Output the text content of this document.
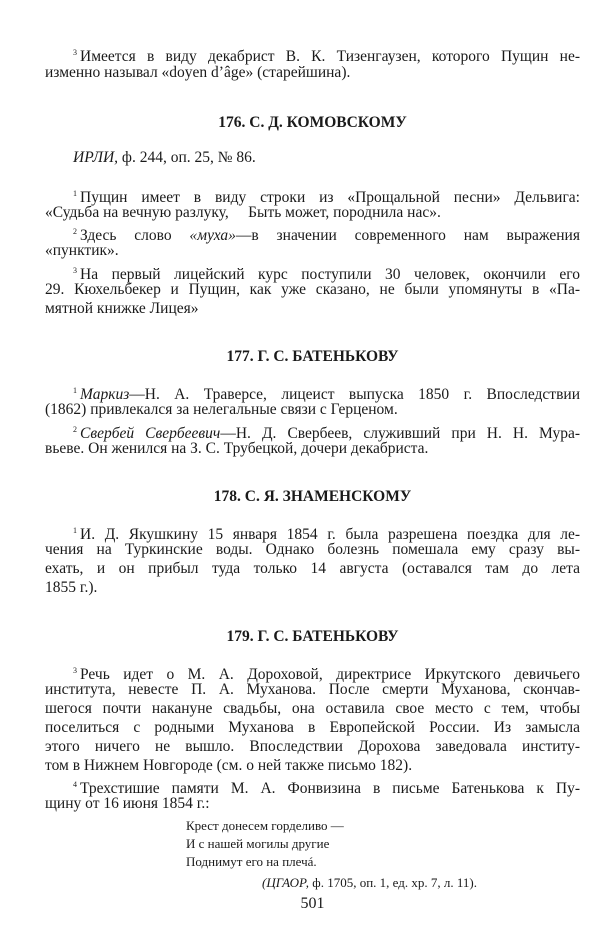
$^3$ Имеется в виду декабрист В. К. Тизенгаузен, которого Пущин не-
изменно называл «doyen d’âge» (старейшина).
176. С. Д. КОМОВСКОМУ
ИРЛИ, ф. 244, оп. 25, № 86.
$^1$ Пущин имеет в виду строки из «Прощальной песни» Дельвига:
«Судьба на вечную разлуку,     Быть может, породнила нас».
$^2$ Здесь слово «муха»—в значении современного нам выражения
«пунктик».
$^3$ На первый лицейский курс поступили 30 человек, окончили его
29. Кюхельбекер и Пущин, как уже сказано, не были упомянуты в «Па-
мятной книжке Лицея»
177. Г. С. БАТЕНЬКОВУ
$^1$ Маркиз—Н. А. Траверсе, лицеист выпуска 1850 г. Впоследствии
(1862) привлекался за нелегальные связи с Герценом.
$^2$ Свербей Свербеевич—Н. Д. Свербеев, служивший при Н. Н. Мура-
вьеве. Он женился на З. С. Трубецкой, дочери декабриста.
178. С. Я. ЗНАМЕНСКОМУ
$^1$ И. Д. Якушкину 15 января 1854 г. была разрешена поездка для ле-
чения на Туркинские воды. Однако болезнь помешала ему сразу вы-
ехать, и он прибыл туда только 14 августа (оставался там до лета
1855 г.).
179. Г. С. БАТЕНЬКОВУ
$^3$ Речь идет о М. А. Дороховой, директрисе Иркутского девичьего
института, невесте П. А. Муханова. После смерти Муханова, скончав-
шегося почти накануне свадьбы, она оставила свое место с тем, чтобы
поселиться с родными Муханова в Европейской России. Из замысла
этого ничего не вышло. Впоследствии Дорохова заведовала институ-
том в Нижнем Новгороде (см. о ней также письмо 182).
$^4$ Трехстишие памяти М. А. Фонвизина в письме Батенькова к Пу-
щину от 16 июня 1854 г.:
Крест донесем горделиво —
И с нашей могилы другие
Поднимут его на плечá.
(ЦГАОР, ф. 1705, оп. 1, ед. хр. 7, л. 11).
501
